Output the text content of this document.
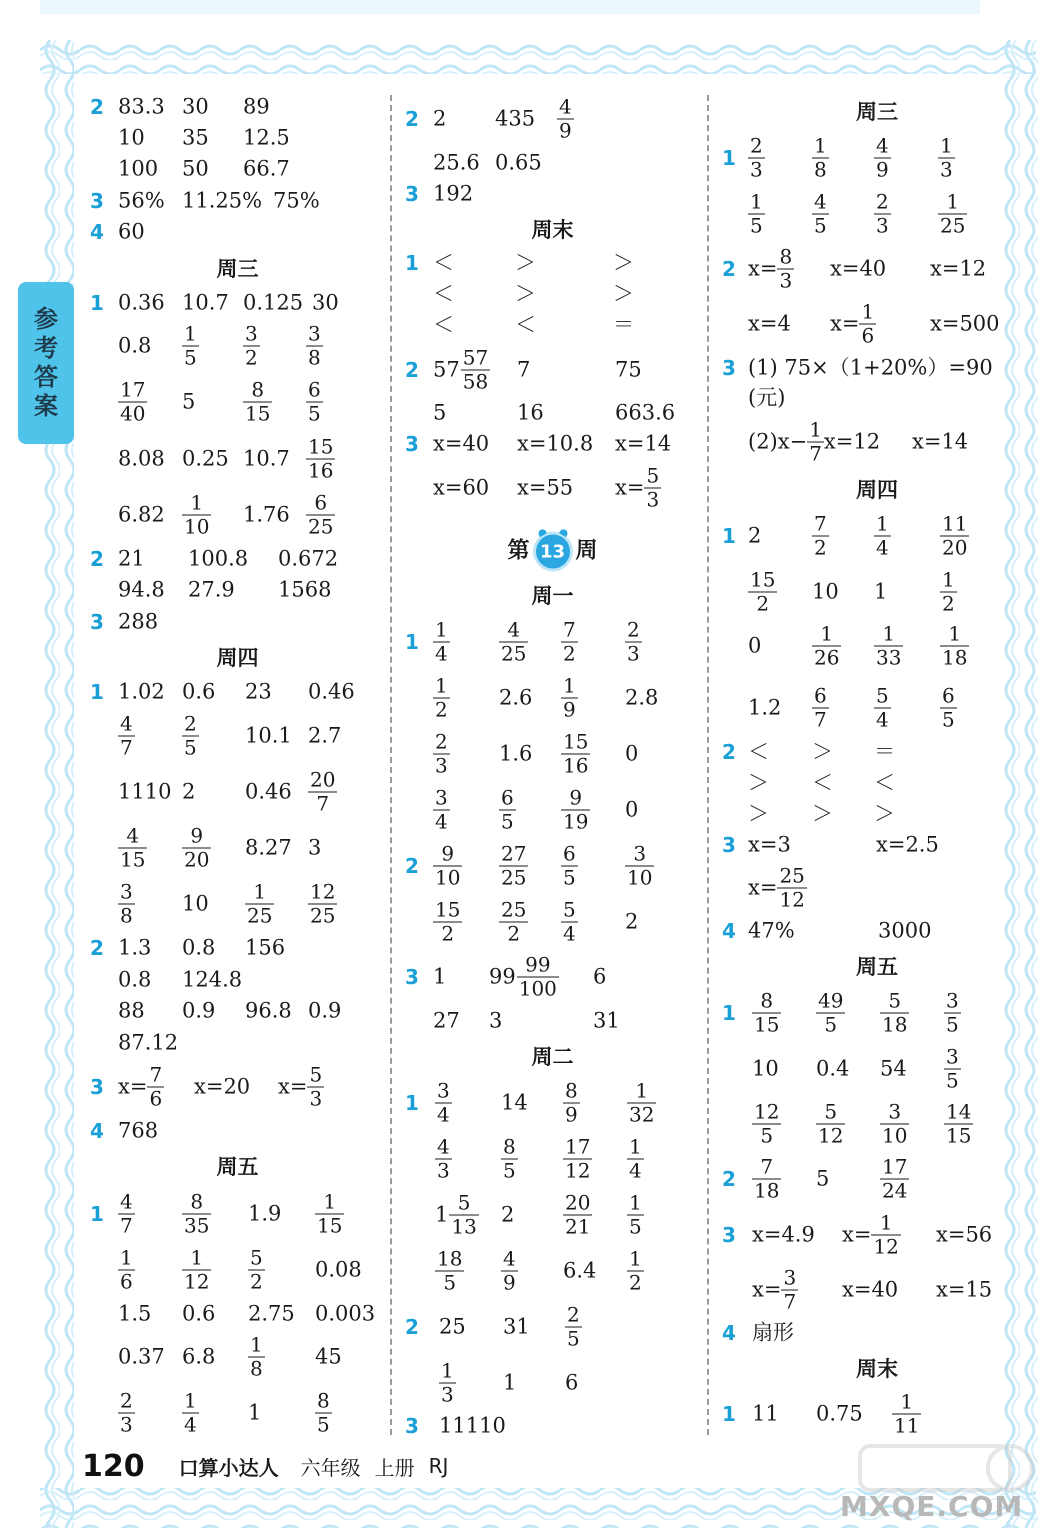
参
考
答
案
2 83.3 30 89
10 35 12.5
100 50 66.7
3 56% 11.25% 75%
4 60
周三
1 0.36 10.7 0.125 30
$0.8 \frac{1}{5} \frac{3}{2} \frac{3}{8}$
$\frac{17}{40} 5 \frac{8}{15} \frac{6}{5}$
8.08 0.25 $10.7 \frac{15}{16}$
$6.82 \frac{1}{10} 1.76 \frac{6}{25}$
2 21 100.8 0.672
94.8 27.9 1568
3 288
周四
1 1.02 0.6 23 0.46
$\frac{4}{7} \frac{2}{5} 10.1$ 2.7
1110 2 $0.46 \frac{20}{7}$
$\frac{4}{15} \frac{9}{20} 8.27$ 3
$\frac{3}{8} 10 \frac{1}{25} \frac{12}{25}$
2 1.3 0.8 156
0.8 124.8
88 0.9 96.8 0.9
87.12
3 $x= \frac{7}{6} x=20$ $x= \frac{5}{3}$
4 768
周五
$1 \frac{4}{7} \frac{8}{35} 1.9 \frac{1}{15}$
$\frac{1}{6} \frac{1}{12} \frac{5}{2} 0.08$
1.5 0.6 2.75 0.003
0.37 $6.8 \frac{1}{8} 45$
$\frac{2}{3} \frac{1}{4} 1$	$\frac{8}{5}$
2 2 $435 \frac{4}{9}$
25.6 0.65
3 192
周末
1 ＜	＞	＞
＜	＞	＞
＜	＜	＝
2 $57 \frac{57}{58} 7$	75
5	16	663.6
3 x=40 x=10.8 x=14
x=60 x=55 $x= \frac{5}{3}$
第 13 周
周一
$1 \frac{1}{4} \frac{4}{25} \frac{7}{2} \frac{2}{3}$
$\frac{1}{2} 2.6 \frac{1}{9} 2.8$
$\frac{2}{3} 1.6 \frac{15}{16} 0$
$\frac{3}{4} \frac{6}{5} \frac{9}{19} 0$
$2 \frac{9}{10} \frac{27}{25} \frac{6}{5} \frac{3}{10}$
$\frac{15}{2} \frac{25}{2} \frac{5}{4} 2$
3 1 $99 \frac{99}{100} 6$
27 3	31
周二
$1 \frac{3}{4} 14 \frac{8}{9} \frac{1}{32}$
$\frac{4}{3} \frac{8}{5} \frac{17}{12} \frac{1}{4}$
$1 \frac{5}{13} 2 \frac{20}{21} \frac{1}{5}$
$\frac{18}{5} \frac{4}{9} 6.4 \frac{1}{2}$
2 25 $31 \frac{2}{5}$
$\frac{1}{3} 1$ 6
3 11110
周三
$1 \frac{2}{3} \frac{1}{8} \frac{4}{9} \frac{1}{3}$
$\frac{1}{5} \frac{4}{5} \frac{2}{3} \frac{1}{25}$
2 $x= \frac{8}{3} x=40$ x=12
x=4 $x= \frac{1}{6}$	x=500
3 (1) 75×（1+20%）=90
(元)
$(2)x- \frac{1}{7} x=12$ x=14
周四
1 2	$\frac{7}{2} \frac{1}{4} \frac{11}{20}$
$\frac{15}{2} 10$ 1	$\frac{1}{2}$
0	$\frac{1}{26} \frac{1}{33} \frac{1}{18}$
$1.2 \frac{6}{7} \frac{5}{4} \frac{6}{5}$
2 ＜ ＞ ＝
＞ ＜ ＜
＞ ＞ ＞
3 x=3	x=2.5
$x= \frac{25}{12}$
4 47%	3000
周五
$1 \frac{8}{15} \frac{49}{5} \frac{5}{18} \frac{3}{5}$
10 0.4 $54 \frac{3}{5}$
$\frac{12}{5} \frac{5}{12} \frac{3}{10} \frac{14}{15}$
$2 \frac{7}{18} 5$	$\frac{17}{24}$
3 x=4.9 $x= \frac{1}{12} x=56$
$x= \frac{3}{7} x=40$ x=15
4 扇形
周末
1 11 $0.75 \frac{1}{11}$
120 口算小达人 六年级 上册 RJ
MXQE.COM
